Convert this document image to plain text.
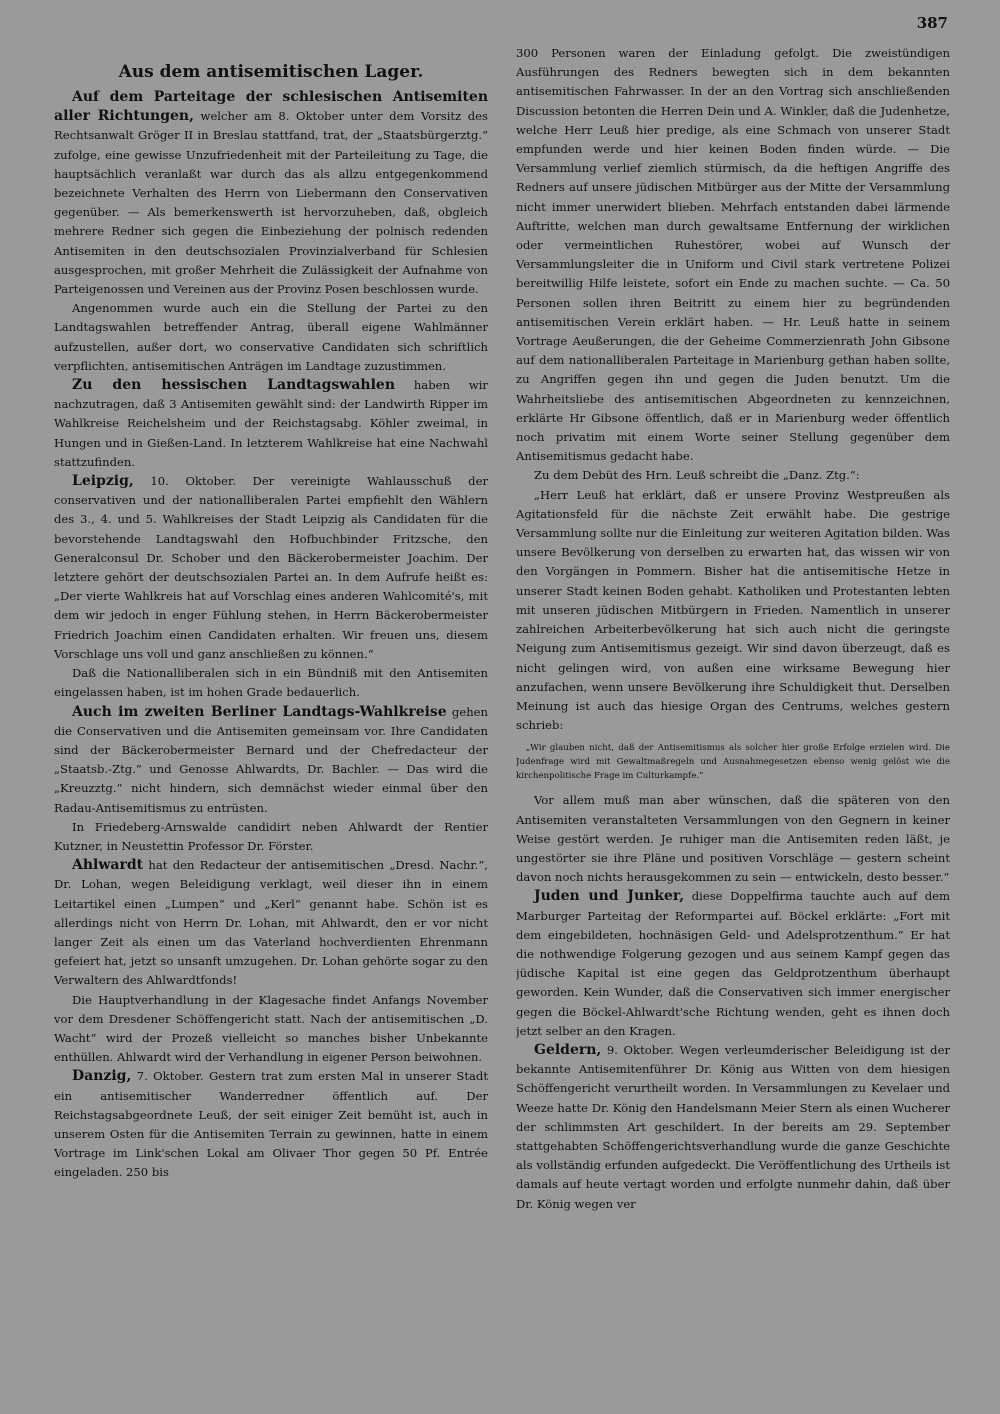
387
Aus dem antisemitischen Lager.

Auf dem Parteitage der schlesischen Antisemiten aller Richtungen, welcher am 8. Oktober unter dem Vorsitz des Rechtsanwalt Gröger II in Breslau stattfand, trat, der „Staatsbürgerztg.“ zufolge, eine gewisse Unzufriedenheit mit der Parteileitung zu Tage, die hauptsächlich veranlaßt war durch das als allzu entgegenkommend bezeichnete Verhalten des Herrn von Liebermann den Conservativen gegenüber. — Als bemerkenswerth ist hervorzuheben, daß, obgleich mehrere Redner sich gegen die Einbeziehung der polnisch redenden Antisemiten in den deutschsozialen Provinzialverband für Schlesien ausgesprochen, mit großer Mehrheit die Zulässigkeit der Aufnahme von Parteigenossen und Vereinen aus der Provinz Posen beschlossen wurde.

Angenommen wurde auch ein die Stellung der Partei zu den Landtagswahlen betreffender Antrag, überall eigene Wahlmänner aufzustellen, außer dort, wo conservative Candidaten sich schriftlich verpflichten, antisemitischen Anträgen im Landtage zuzustimmen.

Zu den hessischen Landtagswahlen haben wir nachzutragen, daß 3 Antisemiten gewählt sind: der Landwirth Ripper im Wahlkreise Reichelsheim und der Reichstagsabg. Köhler zweimal, in Hungen und in Gießen-Land. In letzterem Wahlkreise hat eine Nachwahl stattzufinden.

Leipzig, 10. Oktober. Der vereinigte Wahlausschuß der conservativen und der nationalliberalen Partei empfiehlt den Wählern des 3., 4. und 5. Wahlkreises der Stadt Leipzig als Candidaten für die bevorstehende Landtagswahl den Hofbuchbinder Fritzsche, den Generalconsul Dr. Schober und den Bäckerobermeister Joachim. Der letztere gehört der deutschsozialen Partei an. In dem Aufrufe heißt es: „Der vierte Wahlkreis hat auf Vorschlag eines anderen Wahlcomité's, mit dem wir jedoch in enger Fühlung stehen, in Herrn Bäckerobermeister Friedrich Joachim einen Candidaten erhalten. Wir freuen uns, diesem Vorschlage uns voll und ganz anschließen zu können.“

Daß die Nationalliberalen sich in ein Bündniß mit den Antisemiten eingelassen haben, ist im hohen Grade bedauerlich.

Auch im zweiten Berliner Landtags-Wahlkreise gehen die Conservativen und die Antisemiten gemeinsam vor. Ihre Candidaten sind der Bäckerobermeister Bernard und der Chefredacteur der „Staatsb.-Ztg.“ und Genosse Ahlwardts, Dr. Bachler. — Das wird die „Kreuzztg.“ nicht hindern, sich demnächst wieder einmal über den Radau-Antisemitismus zu entrüsten.

In Friedeberg-Arnswalde candidirt neben Ahlwardt der Rentier Kutzner, in Neustettin Professor Dr. Förster.

Ahlwardt hat den Redacteur der antisemitischen „Dresd. Nachr.“, Dr. Lohan, wegen Beleidigung verklagt, weil dieser ihn in einem Leitartikel einen „Lumpen“ und „Kerl“ genannt habe. Schön ist es allerdings nicht von Herrn Dr. Lohan, mit Ahlwardt, den er vor nicht langer Zeit als einen um das Vaterland hochverdienten Ehrenmann gefeiert hat, jetzt so unsanft umzugehen. Dr. Lohan gehörte sogar zu den Verwaltern des Ahlwardtfonds!

Die Hauptverhandlung in der Klagesache findet Anfangs November vor dem Dresdener Schöffengericht statt. Nach der antisemitischen „D. Wacht“ wird der Prozeß vielleicht so manches bisher Unbekannte enthüllen. Ahlwardt wird der Verhandlung in eigener Person beiwohnen.

Danzig, 7. Oktober. Gestern trat zum ersten Mal in unserer Stadt ein antisemitischer Wanderredner öffentlich auf. Der Reichstagsabgeordnete Leuß, der seit einiger Zeit bemüht ist, auch in unserem Osten für die Antisemiten Terrain zu gewinnen, hatte in einem Vortrage im Link'schen Lokal am Olivaer Thor gegen 50 Pf. Entrée eingeladen. 250 bis

300 Personen waren der Einladung gefolgt. Die zweistündigen Ausführungen des Redners bewegten sich in dem bekannten antisemitischen Fahrwasser. In der an den Vortrag sich anschließenden Discussion betonten die Herren Dein und A. Winkler, daß die Judenhetze, welche Herr Leuß hier predige, als eine Schmach von unserer Stadt empfunden werde und hier keinen Boden finden würde. — Die Versammlung verlief ziemlich stürmisch, da die heftigen Angriffe des Redners auf unsere jüdischen Mitbürger aus der Mitte der Versammlung nicht immer unerwidert blieben. Mehrfach entstanden dabei lärmende Auftritte, welchen man durch gewaltsame Entfernung der wirklichen oder vermeintlichen Ruhestörer, wobei auf Wunsch der Versammlungsleiter die in Uniform und Civil stark vertretene Polizei bereitwillig Hilfe leistete, sofort ein Ende zu machen suchte. — Ca. 50 Personen sollen ihren Beitritt zu einem hier zu begründenden antisemitischen Verein erklärt haben. — Hr. Leuß hatte in seinem Vortrage Aeußerungen, die der Geheime Commerzienrath John Gibsone auf dem nationalliberalen Parteitage in Marienburg gethan haben sollte, zu Angriffen gegen ihn und gegen die Juden benutzt. Um die Wahrheitsliebe des antisemitischen Abgeordneten zu kennzeichnen, erklärte Hr Gibsone öffentlich, daß er in Marienburg weder öffentlich noch privatim mit einem Worte seiner Stellung gegenüber dem Antisemitismus gedacht habe.

Zu dem Debüt des Hrn. Leuß schreibt die „Danz. Ztg.“:

„Herr Leuß hat erklärt, daß er unsere Provinz Westpreußen als Agitationsfeld für die nächste Zeit erwählt habe. Die gestrige Versammlung sollte nur die Einleitung zur weiteren Agitation bilden. Was unsere Bevölkerung von derselben zu erwarten hat, das wissen wir von den Vorgängen in Pommern. Bisher hat die antisemitische Hetze in unserer Stadt keinen Boden gehabt. Katholiken und Protestanten lebten mit unseren jüdischen Mitbürgern in Frieden. Namentlich in unserer zahlreichen Arbeiterbevölkerung hat sich auch nicht die geringste Neigung zum Antisemitismus gezeigt. Wir sind davon überzeugt, daß es nicht gelingen wird, von außen eine wirksame Bewegung hier anzufachen, wenn unsere Bevölkerung ihre Schuldigkeit thut. Derselben Meinung ist auch das hiesige Organ des Centrums, welches gestern schrieb:

„Wir glauben nicht, daß der Antisemitismus als solcher hier große Erfolge erzielen wird. Die Judenfrage wird mit Gewaltmaßregeln und Ausnahmegesetzen ebenso wenig gelöst wie die kirchenpolitische Frage im Culturkampfe.“

Vor allem muß man aber wünschen, daß die späteren von den Antisemiten veranstalteten Versammlungen von den Gegnern in keiner Weise gestört werden. Je ruhiger man die Antisemiten reden läßt, je ungestörter sie ihre Pläne und positiven Vorschläge — gestern scheint davon noch nichts herausgekommen zu sein — entwickeln, desto besser.“

Juden und Junker, diese Doppelfirma tauchte auch auf dem Marburger Parteitag der Reformpartei auf. Böckel erklärte: „Fort mit dem eingebildeten, hochnäsigen Geld- und Adelsprotzenthum.“ Er hat die nothwendige Folgerung gezogen und aus seinem Kampf gegen das jüdische Kapital ist eine gegen das Geldprotzenthum überhaupt geworden. Kein Wunder, daß die Conservativen sich immer energischer gegen die Böckel-Ahlwardt'sche Richtung wenden, geht es ihnen doch jetzt selber an den Kragen.

Geldern, 9. Oktober. Wegen verleumderischer Beleidigung ist der bekannte Antisemitenführer Dr. König aus Witten von dem hiesigen Schöffengericht verurtheilt worden. In Versammlungen zu Kevelaer und Weeze hatte Dr. König den Handelsmann Meier Stern als einen Wucherer der schlimmsten Art geschildert. In der bereits am 29. September stattgehabten Schöffengerichtsverhandlung wurde die ganze Geschichte als vollständig erfunden aufgedeckt. Die Veröffentlichung des Urtheils ist damals auf heute vertagt worden und erfolgte nunmehr dahin, daß über Dr. König wegen ver
